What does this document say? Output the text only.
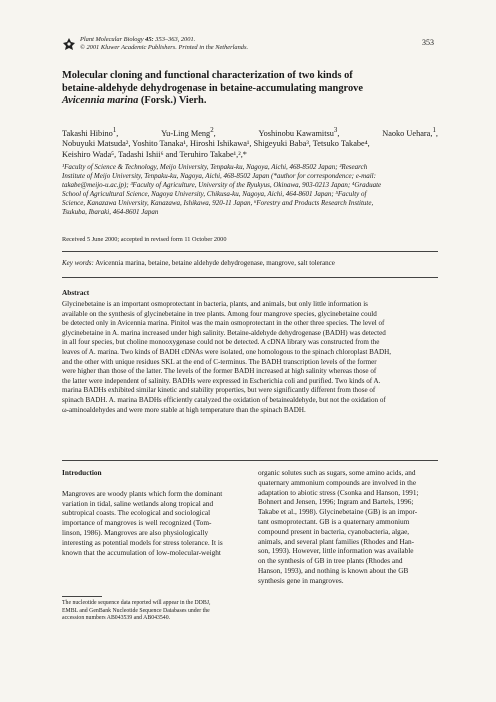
Plant Molecular Biology 45: 353–363, 2001.
© 2001 Kluwer Academic Publishers. Printed in the Netherlands.
353
Molecular cloning and functional characterization of two kinds of
betaine-aldehyde dehydrogenase in betaine-accumulating mangrove
Avicennia marina (Forsk.) Vierh.
Takashi Hibino$^1$,	Yu-Ling Meng$^2$,	Yoshinobu Kawamitsu$^3$,	Naoko Uehara,$^1$,
Nobuyuki Matsuda², Yoshito Tanaka¹, Hiroshi Ishikawa¹, Shigeyuki Baba³, Tetsuko Takabe⁴,
Keishiro Wada⁵, Tadashi Ishii⁶ and Teruhiro Takabe¹,²,*
¹Faculty of Science & Technology, Meijo University, Tenpaku-ku, Nagoya, Aichi, 468-8502 Japan; ²Research
Institute of Meijo University, Tenpaku-ku, Nagoya, Aichi, 468-8502 Japan (*author for correspondence; e-mail:
takabe@meijo-u.ac.jp); ³Faculty of Agriculture, University of the Ryukyus, Okinawa, 903-0213 Japan; ⁴Graduate
School of Agricultural Science, Nagoya University, Chikusa-ku, Nagoya, Aichi, 464-8601 Japan; ⁵Faculty of
Science, Kanazawa University, Kanazawa, Ishikawa, 920-11 Japan, ⁶Forestry and Products Research Institute,
Tsukuba, Ibaraki, 464-8601 Japan
Received 5 June 2000; accepted in revised form 11 October 2000
Key words: Avicennia marina, betaine, betaine aldehyde dehydrogenase, mangrove, salt tolerance
Abstract
Glycinebetaine is an important osmoprotectant in bacteria, plants, and animals, but only little information is
available on the synthesis of glycinebetaine in tree plants. Among four mangrove species, glycinebetaine could
be detected only in Avicennia marina. Pinitol was the main osmoprotectant in the other three species. The level of
glycinebetaine in A. marina increased under high salinity. Betaine-aldehyde dehydrogenase (BADH) was detected
in all four species, but choline monooxygenase could not be detected. A cDNA library was constructed from the
leaves of A. marina. Two kinds of BADH cDNAs were isolated, one homologous to the spinach chloroplast BADH,
and the other with unique residues SKL at the end of C-terminus. The BADH transcription levels of the former
were higher than those of the latter. The levels of the former BADH increased at high salinity whereas those of
the latter were independent of salinity. BADHs were expressed in Escherichia coli and purified. Two kinds of A.
marina BADHs exhibited similar kinetic and stability properties, but were significantly different from those of
spinach BADH. A. marina BADHs efficiently catalyzed the oxidation of betainealdehyde, but not the oxidation of
ω-aminoaldehydes and were more stable at high temperature than the spinach BADH.
Introduction
Mangroves are woody plants which form the dominant
variation in tidal, saline wetlands along tropical and
subtropical coasts. The ecological and sociological
importance of mangroves is well recognized (Tom-
linson, 1986). Mangroves are also physiologically
interesting as potential models for stress tolerance. It is
known that the accumulation of low-molecular-weight
organic solutes such as sugars, some amino acids, and
quaternary ammonium compounds are involved in the
adaptation to abiotic stress (Csonka and Hanson, 1991;
Bohnert and Jensen, 1996; Ingram and Bartels, 1996;
Takabe et al., 1998). Glycinebetaine (GB) is an impor-
tant osmoprotectant. GB is a quaternary ammonium
compound present in bacteria, cyanobacteria, algae,
animals, and several plant families (Rhodes and Han-
son, 1993). However, little information was available
on the synthesis of GB in tree plants (Rhodes and
Hanson, 1993), and nothing is known about the GB
synthesis gene in mangroves.
The nucleotide sequence data reported will appear in the DDBJ,
EMBL and GenBank Nucleotide Sequence Databases under the
accession numbers AB043539 and AB043540.
